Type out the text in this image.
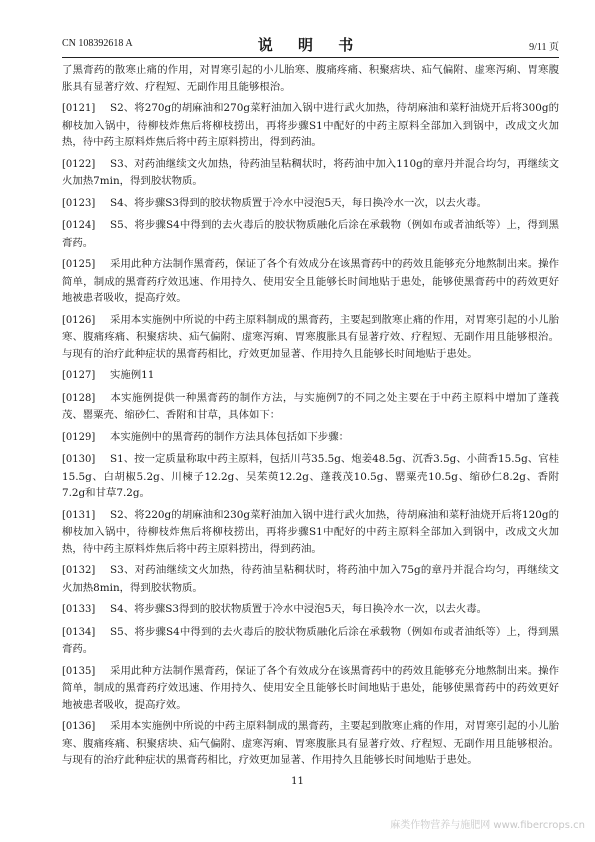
CN 108392618 A	说 明 书	9/11 页

了黑膏药的散寒止痛的作用，对胃寒引起的小儿胎寒、腹痛疼痛、积聚痞块、疝气偏附、虚寒泻痢、胃寒腹胀具有显著疗效、疗程短、无副作用且能够根治。

[0121] S2、将270g的胡麻油和270g菜籽油加入锅中进行武火加热，待胡麻油和菜籽油烧开后将300g的柳枝加入锅中，待柳枝炸焦后将柳枝捞出，再将步骤S1中配好的中药主原料全部加入到锅中，改成文火加热，待中药主原料炸焦后将中药主原料捞出，得到药油。

[0122] S3、对药油继续文火加热，待药油呈粘稠状时，将药油中加入110g的章丹并混合均匀，再继续文火加热7min，得到胶状物质。

[0123] S4、将步骤S3得到的胶状物质置于冷水中浸泡5天，每日换冷水一次，以去火毒。

[0124] S5、将步骤S4中得到的去火毒后的胶状物质融化后涂在承载物（例如布或者油纸等）上，得到黑膏药。

[0125] 采用此种方法制作黑膏药，保证了各个有效成分在该黑膏药中的药效且能够充分地熬制出来。操作简单，制成的黑膏药疗效迅速、作用持久、使用安全且能够长时间地贴于患处，能够使黑膏药中的药效更好地被患者吸收，提高疗效。

[0126] 采用本实施例中所说的中药主原料制成的黑膏药，主要起到散寒止痛的作用，对胃寒引起的小儿胎寒、腹痛疼痛、积聚痞块、疝气偏附、虚寒泻痢、胃寒腹胀具有显著疗效、疗程短、无副作用且能够根治。与现有的治疗此种症状的黑膏药相比，疗效更加显著、作用持久且能够长时间地贴于患处。

[0127] 实施例11

[0128] 本实施例提供一种黑膏药的制作方法，与实施例7的不同之处主要在于中药主原料中增加了蓬莪茂、罂粟壳、缩砂仁、香附和甘草，具体如下：

[0129] 本实施例中的黑膏药的制作方法具体包括如下步骤：

[0130] S1、按一定质量称取中药主原料，包括川芎35.5g、炮姜48.5g、沉香3.5g、小茴香15.5g、官桂15.5g、白胡椒5.2g、川楝子12.2g、吴茱萸12.2g、蓬莪茂10.5g、罂粟壳10.5g、缩砂仁8.2g、香附7.2g和甘草7.2g。

[0131] S2、将220g的胡麻油和230g菜籽油加入锅中进行武火加热，待胡麻油和菜籽油烧开后将120g的柳枝加入锅中，待柳枝炸焦后将柳枝捞出，再将步骤S1中配好的中药主原料全部加入到锅中，改成文火加热，待中药主原料炸焦后将中药主原料捞出，得到药油。

[0132] S3、对药油继续文火加热，待药油呈粘稠状时，将药油中加入75g的章丹并混合均匀，再继续文火加热8min，得到胶状物质。

[0133] S4、将步骤S3得到的胶状物质置于冷水中浸泡5天，每日换冷水一次，以去火毒。

[0134] S5、将步骤S4中得到的去火毒后的胶状物质融化后涂在承载物（例如布或者油纸等）上，得到黑膏药。

[0135] 采用此种方法制作黑膏药，保证了各个有效成分在该黑膏药中的药效且能够充分地熬制出来。操作简单，制成的黑膏药疗效迅速、作用持久、使用安全且能够长时间地贴于患处，能够使黑膏药中的药效更好地被患者吸收，提高疗效。

[0136] 采用本实施例中所说的中药主原料制成的黑膏药，主要起到散寒止痛的作用，对胃寒引起的小儿胎寒、腹痛疼痛、积聚痞块、疝气偏附、虚寒泻痢、胃寒腹胀具有显著疗效、疗程短、无副作用且能够根治。与现有的治疗此种症状的黑膏药相比，疗效更加显著、作用持久且能够长时间地贴于患处。

11
麻类作物营养与施肥网 www.fibercrops.cn
